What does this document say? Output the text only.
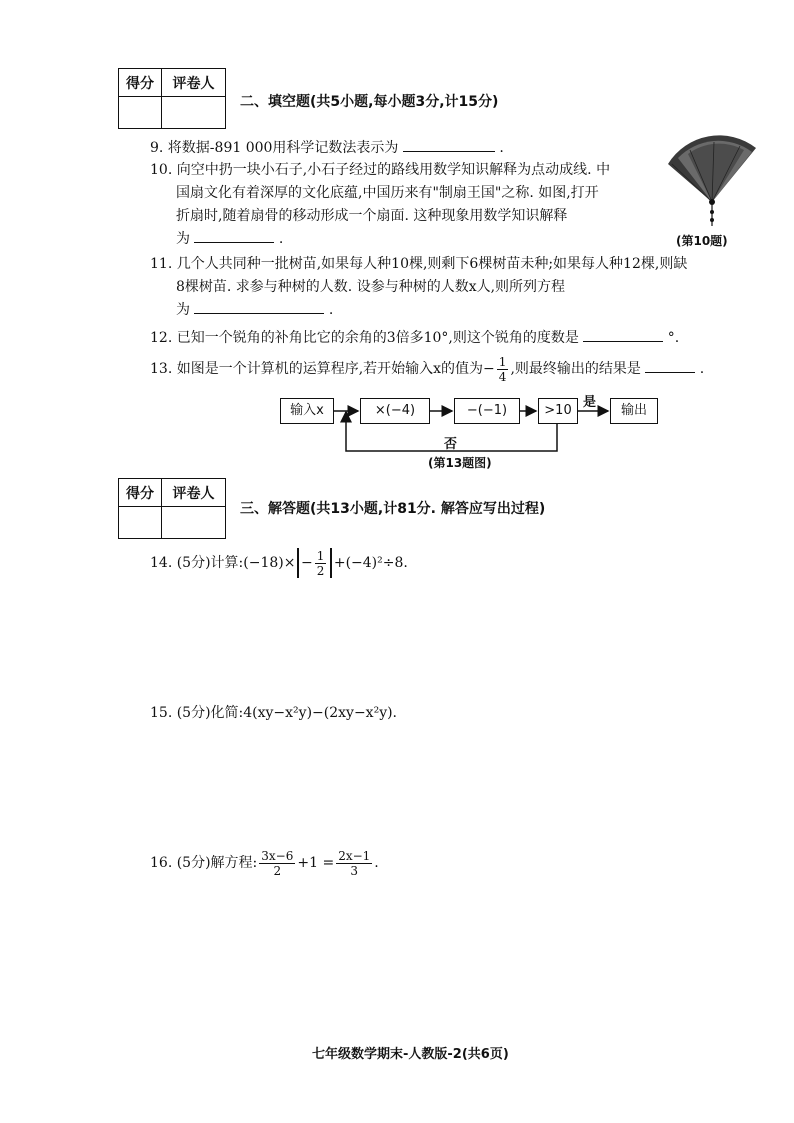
得分	评卷人

二、填空题(共5小题,每小题3分,计15分)
9. 将数据-891 000用科学记数法表示为	.
10. 向空中扔一块小石子,小石子经过的路线用数学知识解释为点动成线. 中
国扇文化有着深厚的文化底蕴,中国历来有"制扇王国"之称. 如图,打开
折扇时,随着扇骨的移动形成一个扇面. 这种现象用数学知识解释
为	.	(第10题)
11. 几个人共同种一批树苗,如果每人种10棵,则剩下6棵树苗未种;如果每人种12棵,则缺
8棵树苗. 求参与种树的人数. 设参与种树的人数x人,则所列方程
为	.
12. 已知一个锐角的补角比它的余角的3倍多10°,则这个锐角的度数是	°.
13. 如图是一个计算机的运算程序,若开始输入x的值为− $\frac{1}{4}$ ,则最终输出的结果是	.
输入x	×(−4)	−(−1)	>10	输出
是
否
(第13题图)
得分	评卷人

三、解答题(共13小题,计81分. 解答应写出过程)
14. (5分)计算:(−18)× − $\frac{1}{2} +(-4)^2\div 8$.
15. (5分)化简:4(xy−x²y)−(2xy−x²y).
16. (5分)解方程: $\frac{3x-6}{2} +1 = \frac{2x-1}{3}$ .
七年级数学期末-人教版-2(共6页)
